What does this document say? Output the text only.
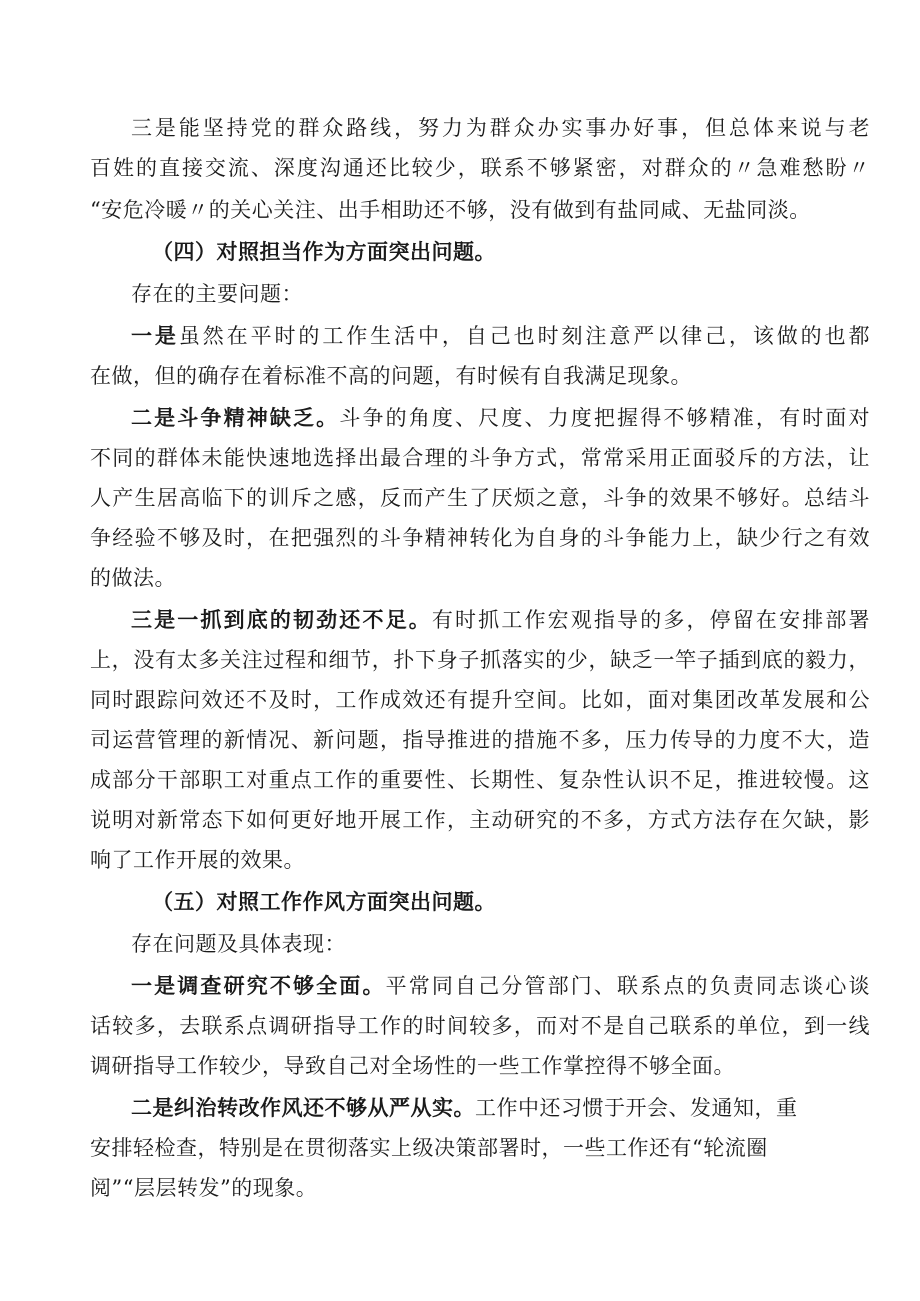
三是能坚持党的群众路线，努力为群众办实事办好事，但总体来说与老
百姓的直接交流、深度沟通还比较少，联系不够紧密，对群众的〃急难愁盼〃
“安危冷暖〃的关心关注、出手相助还不够，没有做到有盐同咸、无盐同淡。
（四）对照担当作为方面突出问题。
存在的主要问题：
一是虽然在平时的工作生活中，自己也时刻注意严以律己，该做的也都
在做，但的确存在着标准不高的问题，有时候有自我满足现象。
二是斗争精神缺乏。斗争的角度、尺度、力度把握得不够精准，有时面对
不同的群体未能快速地选择出最合理的斗争方式，常常采用正面驳斥的方法，让
人产生居高临下的训斥之感，反而产生了厌烦之意，斗争的效果不够好。总结斗
争经验不够及时，在把强烈的斗争精神转化为自身的斗争能力上，缺少行之有效
的做法。
三是一抓到底的韧劲还不足。有时抓工作宏观指导的多，停留在安排部署
上，没有太多关注过程和细节，扑下身子抓落实的少，缺乏一竿子插到底的毅力，
同时跟踪问效还不及时，工作成效还有提升空间。比如，面对集团改革发展和公
司运营管理的新情况、新问题，指导推进的措施不多，压力传导的力度不大，造
成部分干部职工对重点工作的重要性、长期性、复杂性认识不足，推进较慢。这
说明对新常态下如何更好地开展工作，主动研究的不多，方式方法存在欠缺，影
响了工作开展的效果。
（五）对照工作作风方面突出问题。
存在问题及具体表现：
一是调查研究不够全面。平常同自己分管部门、联系点的负责同志谈心谈
话较多，去联系点调研指导工作的时间较多，而对不是自己联系的单位，到一线
调研指导工作较少，导致自己对全场性的一些工作掌控得不够全面。
二是纠治转改作风还不够从严从实。工作中还习惯于开会、发通知，重
安排轻检查，特别是在贯彻落实上级决策部署时，一些工作还有“轮流圈
阅”“层层转发”的现象。
